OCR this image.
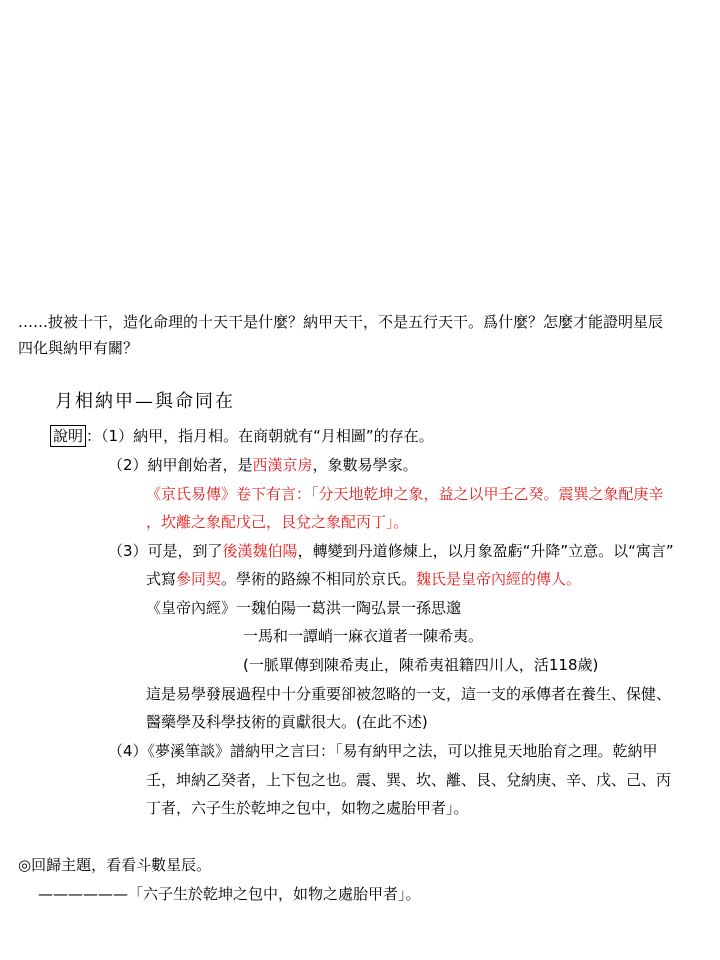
……披被十干，造化命理的十天干是什麼？納甲天干，不是五行天干。爲什麼？怎麼才能證明星辰
四化與納甲有關？
月相納甲—與命同在
說明 ：（1）納甲，指月相。在商朝就有“月相圖”的存在。
（2）納甲創始者，是西漢京房，象數易學家。
《京氏易傳》卷下有言：「分天地乾坤之象，益之以甲壬乙癸。震巽之象配庚辛
，坎離之象配戊己，艮兌之象配丙丁」。
（3）可是，到了後漢魏伯陽，轉變到丹道修煉上，以月象盈虧“升降”立意。以“寓言”
式寫參同契。學術的路線不相同於京氏。魏氏是皇帝內經的傳人。
《皇帝內經》一魏伯陽一葛洪一陶弘景一孫思邈
一馬和一譚峭一麻衣道者一陳希夷。
(一脈單傳到陳希夷止，陳希夷祖籍四川人，活118歲)
這是易學發展過程中十分重要卻被忽略的一支，這一支的承傳者在養生、保健、
醫藥學及科學技術的貢獻很大。(在此不述)
（4）《夢溪筆談》譜納甲之言曰：「易有納甲之法，可以推見天地胎育之理。乾納甲
壬，坤納乙癸者，上下包之也。震、巽、坎、離、艮、兌納庚、辛、戊、己、丙
丁者，六子生於乾坤之包中，如物之處胎甲者」。
◎回歸主題，看看斗數星辰。
——————「六子生於乾坤之包中，如物之處胎甲者」。
